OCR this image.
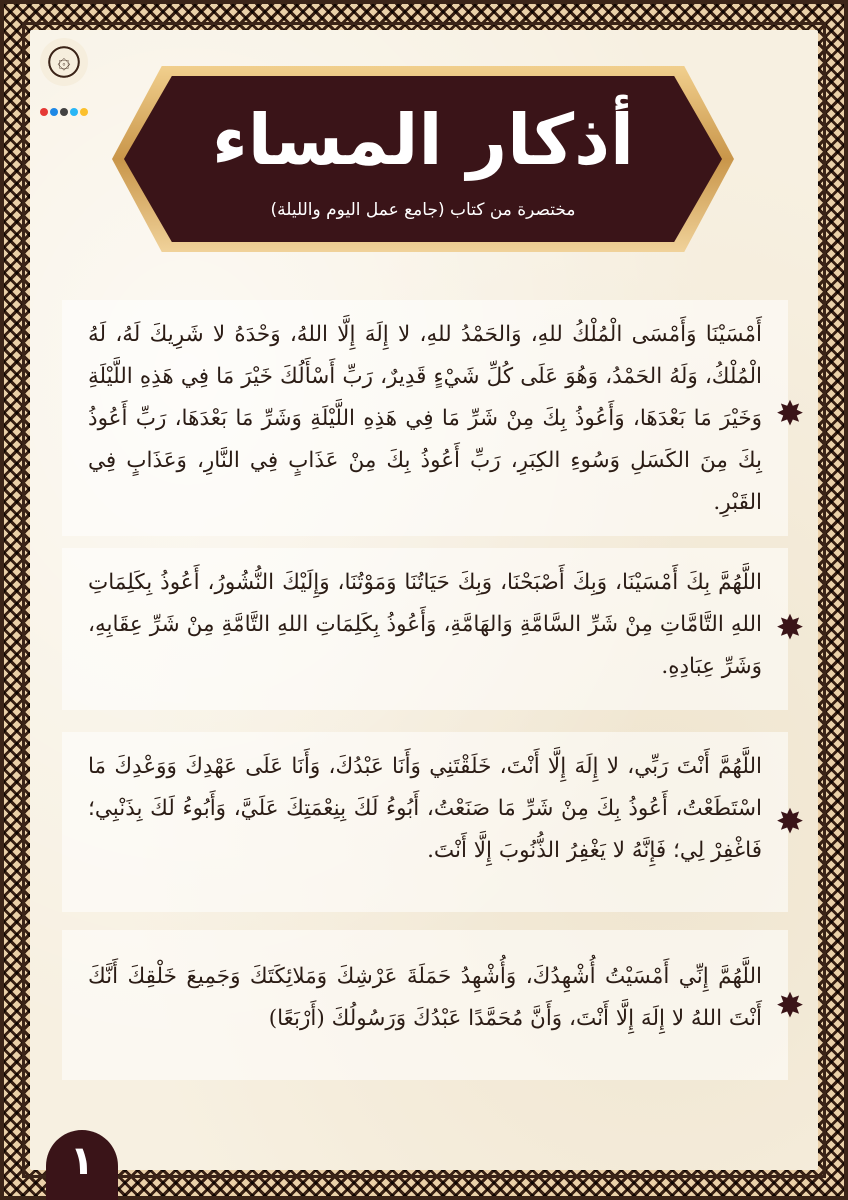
۞
أذكار المساء
مختصرة من كتاب (جامع عمل اليوم والليلة)
أَمْسَيْنَا وَأَمْسَى الْمُلْكُ للهِ، وَالحَمْدُ للهِ، لا إِلَهَ إِلَّا اللهُ، وَحْدَهُ لا شَرِيكَ لَهُ، لَهُ الْمُلْكُ، وَلَهُ الحَمْدُ، وَهُوَ عَلَى كُلِّ شَيْءٍ قَدِيرٌ، رَبِّ أَسْأَلُكَ خَيْرَ مَا فِي هَذِهِ اللَّيْلَةِ وَخَيْرَ مَا بَعْدَهَا، وَأَعُوذُ بِكَ مِنْ شَرِّ مَا فِي هَذِهِ اللَّيْلَةِ وَشَرِّ مَا بَعْدَهَا، رَبِّ أَعُوذُ بِكَ مِنَ الكَسَلِ وَسُوءِ الكِبَرِ، رَبِّ أَعُوذُ بِكَ مِنْ عَذَابٍ فِي النَّارِ، وَعَذَابٍ فِي القَبْرِ.
✸
اللَّهُمَّ بِكَ أَمْسَيْنَا، وَبِكَ أَصْبَحْنَا، وَبِكَ حَيَاتُنَا وَمَوْتُنَا، وَإِلَيْكَ النُّشُورُ، أَعُوذُ بِكَلِمَاتِ اللهِ التَّامَّاتِ مِنْ شَرِّ السَّامَّةِ وَالهَامَّةِ، وَأَعُوذُ بِكَلِمَاتِ اللهِ التَّامَّةِ مِنْ شَرِّ عِقَابِهِ، وَشَرِّ عِبَادِهِ.
✸
اللَّهُمَّ أَنْتَ رَبِّي، لا إِلَهَ إِلَّا أَنْتَ، خَلَقْتَنِي وَأَنَا عَبْدُكَ، وَأَنَا عَلَى عَهْدِكَ وَوَعْدِكَ مَا اسْتَطَعْتُ، أَعُوذُ بِكَ مِنْ شَرِّ مَا صَنَعْتُ، أَبُوءُ لَكَ بِنِعْمَتِكَ عَلَيَّ، وَأَبُوءُ لَكَ بِذَنْبِي؛ فَاغْفِرْ لِي؛ فَإِنَّهُ لا يَغْفِرُ الذُّنُوبَ إِلَّا أَنْتَ.
✸
اللَّهُمَّ إِنِّي أَمْسَيْتُ أُشْهِدُكَ، وَأُشْهِدُ حَمَلَةَ عَرْشِكَ وَمَلائِكَتَكَ وَجَمِيعَ خَلْقِكَ أَنَّكَ أَنْتَ اللهُ لا إِلَهَ إِلَّا أَنْتَ، وَأَنَّ مُحَمَّدًا عَبْدُكَ وَرَسُولُكَ (أَرْبَعًا) ✸
١
